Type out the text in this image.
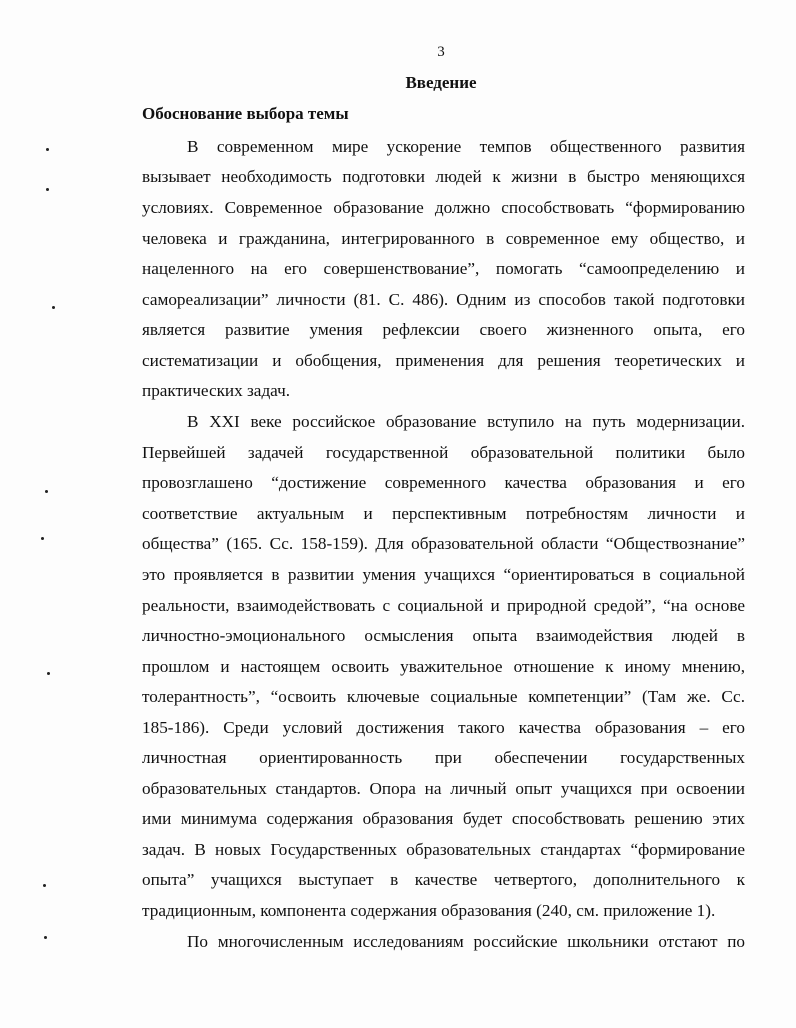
3
Введение
Обоснование выбора темы
В современном мире ускорение темпов общественного развития
вызывает необходимость подготовки людей к жизни в быстро меняющихся
условиях. Современное образование должно способствовать “формированию
человека и гражданина, интегрированного в современное ему общество, и
нацеленного на его совершенствование”, помогать “самоопределению и
самореализации” личности (81. С. 486). Одним из способов такой подготовки
является развитие умения рефлексии своего жизненного опыта, его
систематизации и обобщения, применения для решения теоретических и
практических задач.
В XXI веке российское образование вступило на путь модернизации.
Первейшей задачей государственной образовательной политики было
провозглашено “достижение современного качества образования и его
соответствие актуальным и перспективным потребностям личности и
общества” (165. Сс. 158-159). Для образовательной области “Обществознание”
это проявляется в развитии умения учащихся “ориентироваться в социальной
реальности, взаимодействовать с социальной и природной средой”, “на основе
личностно-эмоционального осмысления опыта взаимодействия людей в
прошлом и настоящем освоить уважительное отношение к иному мнению,
толерантность”, “освоить ключевые социальные компетенции” (Там же. Сс.
185-186). Среди условий достижения такого качества образования – его
личностная ориентированность при обеспечении государственных
образовательных стандартов. Опора на личный опыт учащихся при освоении
ими минимума содержания образования будет способствовать решению этих
задач. В новых Государственных образовательных стандартах “формирование
опыта” учащихся выступает в качестве четвертого, дополнительного к
традиционным, компонента содержания образования (240, см. приложение 1).
По многочисленным исследованиям российские школьники отстают по
